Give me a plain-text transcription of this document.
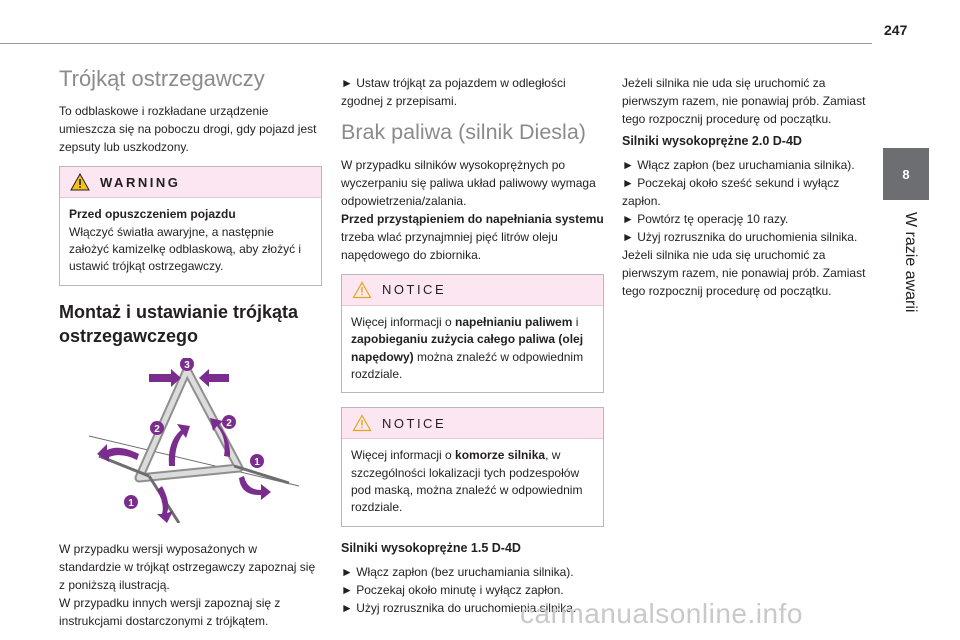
247
8
W razie awarii
Trójkąt ostrzegawczy

To odblaskowe i rozkładane urządzenie umieszcza się na poboczu drogi, gdy pojazd jest zepsuty lub uszkodzony.

WARNING

Przed opuszczeniem pojazdu

Włączyć światła awaryjne, a następnie założyć kamizelkę odblaskową, aby złożyć i ustawić trójkąt ostrzegawczy.

Montaż i ustawianie trójkąta ostrzegawczego
3
2
2
1
1

W przypadku wersji wyposażonych w standardzie w trójkąt ostrzegawczy zapoznaj się z poniższą ilustracją.

W przypadku innych wersji zapoznaj się z instrukcjami dostarczonymi z trójkątem.

► Ustaw trójkąt za pojazdem w odległości zgodnej z przepisami.

Brak paliwa (silnik Diesla)

W przypadku silników wysokoprężnych po wyczerpaniu się paliwa układ paliwowy wymaga odpowietrzenia/zalania.

Przed przystąpieniem do napełniania systemu trzeba wlać przynajmniej pięć litrów oleju napędowego do zbiornika.

NOTICE

Więcej informacji o napełnianiu paliwem i zapobieganiu zużycia całego paliwa (olej napędowy) można znaleźć w odpowiednim rozdziale.

NOTICE

Więcej informacji o komorze silnika, w szczególności lokalizacji tych podzespołów pod maską, można znaleźć w odpowiednim rozdziale.

Silniki wysokoprężne 1.5 D-4D

► Włącz zapłon (bez uruchamiania silnika).

► Poczekaj około minutę i wyłącz zapłon.

► Użyj rozrusznika do uruchomienia silnika.

Jeżeli silnika nie uda się uruchomić za pierwszym razem, nie ponawiaj prób. Zamiast tego rozpocznij procedurę od początku.

Silniki wysokoprężne 2.0 D-4D

► Włącz zapłon (bez uruchamiania silnika).

► Poczekaj około sześć sekund i wyłącz zapłon.

► Powtórz tę operację 10 razy.

► Użyj rozrusznika do uruchomienia silnika.

Jeżeli silnika nie uda się uruchomić za pierwszym razem, nie ponawiaj prób. Zamiast tego rozpocznij procedurę od początku.

carmanualsonline.info
